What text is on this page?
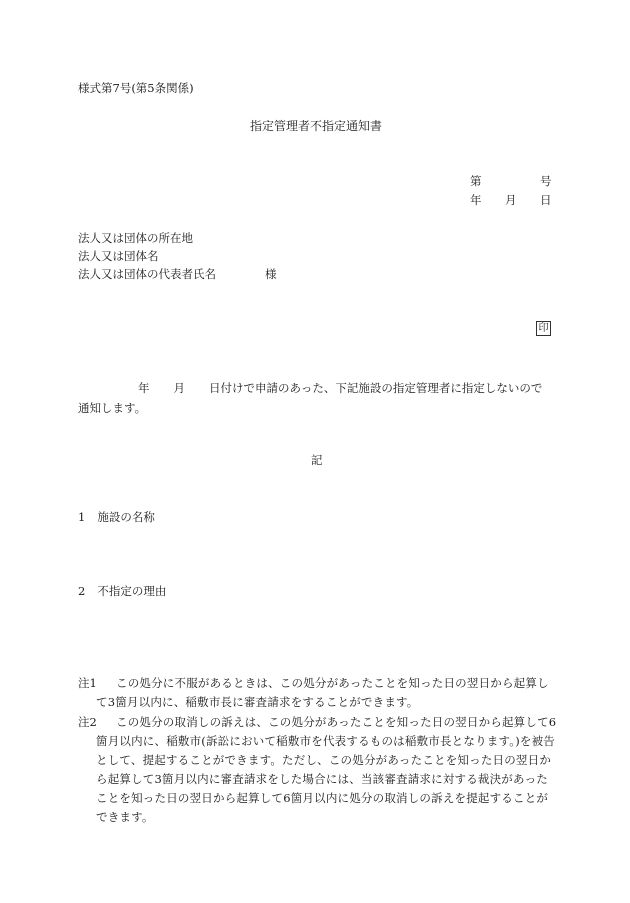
様式第7号(第5条関係)
指定管理者不指定通知書
第	号
年 月 日
法人又は団体の所在地
法人又は団体名
法人又は団体の代表者氏名	様
印
年 月 日付けで申請のあった、下記施設の指定管理者に指定しないので
通知します。
記
1 施設の名称
2 不指定の理由
注1	この処分に不服があるときは、この処分があったことを知った日の翌日から起算して3箇月以内に、稲敷市長に審査請求をすることができます。
注2	この処分の取消しの訴えは、この処分があったことを知った日の翌日から起算して6箇月以内に、稲敷市(訴訟において稲敷市を代表するものは稲敷市長となります。)を被告として、提起することができます。ただし、この処分があったことを知った日の翌日から起算して3箇月以内に審査請求をした場合には、当該審査請求に対する裁決があったことを知った日の翌日から起算して6箇月以内に処分の取消しの訴えを提起することができます。
